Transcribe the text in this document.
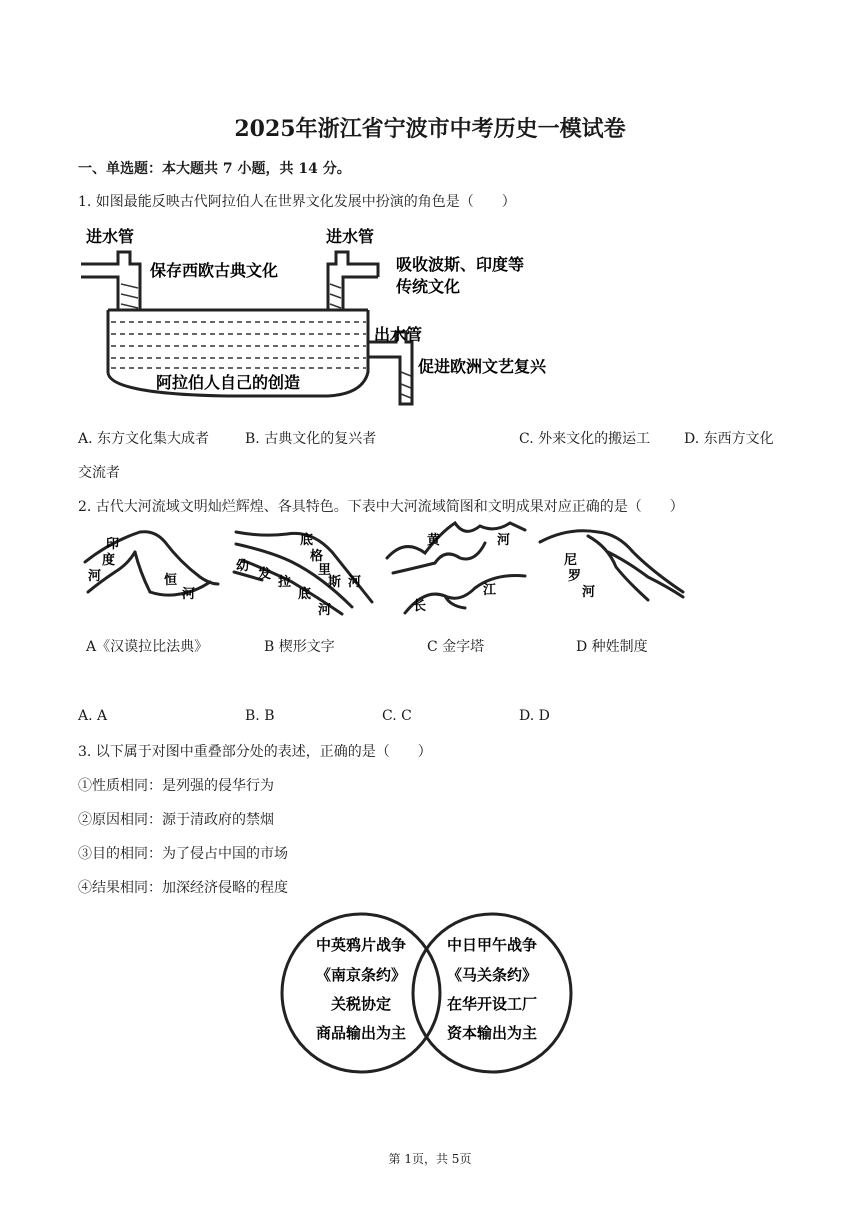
2025年浙江省宁波市中考历史一模试卷
一、单选题：本大题共 7 小题，共 14 分。
1. 如图最能反映古代阿拉伯人在世界文化发展中扮演的角色是（　　）
进水管
保存西欧古典文化
进水管
吸收波斯、印度等
传统文化
出水管
促进欧洲文艺复兴
阿拉伯人自己的创造
A. 东方文化集大成者	B. 古典文化的复兴者	C. 外来文化的搬运工 D. 东西方文化
交流者
2. 古代大河流域文明灿烂辉煌、各具特色。下表中大河流域简图和文明成果对应正确的是（　　）
印
度
河	恒
河
底
格
里
斯 河
幼
发
拉
底
河
黄	河
长
江
尼
罗
河
A《汉谟拉比法典》	B 楔形文字	C 金字塔	D 种姓制度
A. A	B. B	C. C	D. D
3. 以下属于对图中重叠部分处的表述，正确的是（　　）
①性质相同：是列强的侵华行为
②原因相同：源于清政府的禁烟
③目的相同：为了侵占中国的市场
④结果相同：加深经济侵略的程度
中英鸦片战争
《南京条约》
关税协定
商品输出为主
中日甲午战争
《马关条约》
在华开设工厂
资本输出为主
第 1页，共 5页
